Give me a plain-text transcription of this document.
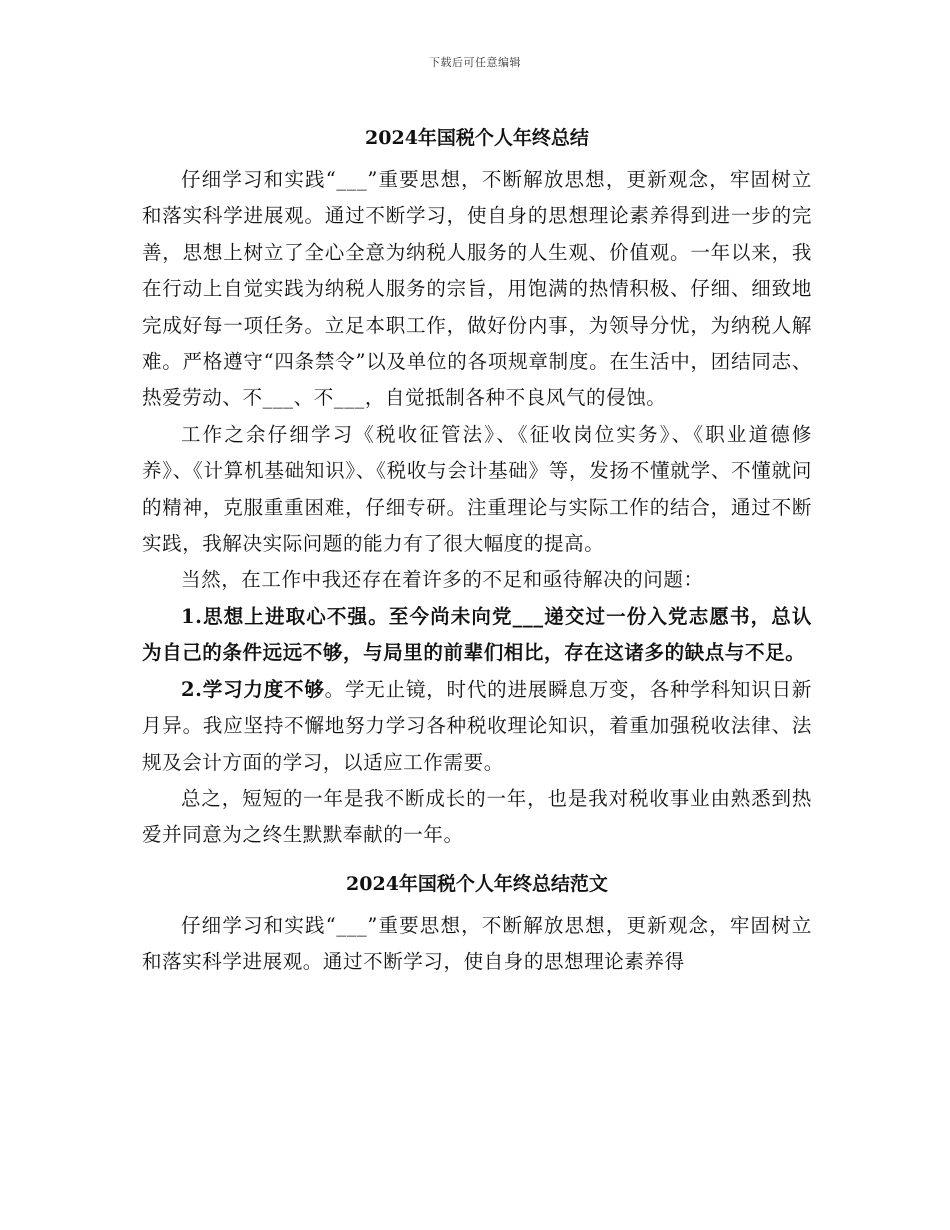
下载后可任意编辑
2024年国税个人年终总结

仔细学习和实践“___”重要思想，不断解放思想，更新观念，牢固树立和落实科学进展观。通过不断学习，使自身的思想理论素养得到进一步的完善，思想上树立了全心全意为纳税人服务的人生观、价值观。一年以来，我在行动上自觉实践为纳税人服务的宗旨，用饱满的热情积极、仔细、细致地完成好每一项任务。立足本职工作，做好份内事，为领导分忧，为纳税人解难。严格遵守“四条禁令”以及单位的各项规章制度。在生活中，团结同志、热爱劳动、不___、不___，自觉抵制各种不良风气的侵蚀。

工作之余仔细学习《税收征管法》、《征收岗位实务》、《职业道德修养》、《计算机基础知识》、《税收与会计基础》等，发扬不懂就学、不懂就问的精神，克服重重困难，仔细专研。注重理论与实际工作的结合，通过不断实践，我解决实际问题的能力有了很大幅度的提高。

当然，在工作中我还存在着许多的不足和亟待解决的问题：

1.思想上进取心不强。至今尚未向党___递交过一份入党志愿书，总认为自己的条件远远不够，与局里的前辈们相比，存在这诸多的缺点与不足。

2.学习力度不够。学无止镜，时代的进展瞬息万变，各种学科知识日新月异。我应坚持不懈地努力学习各种税收理论知识，着重加强税收法律、法规及会计方面的学习，以适应工作需要。

总之，短短的一年是我不断成长的一年，也是我对税收事业由熟悉到热爱并同意为之终生默默奉献的一年。

2024年国税个人年终总结范文

仔细学习和实践“___”重要思想，不断解放思想，更新观念，牢固树立和落实科学进展观。通过不断学习，使自身的思想理论素养得
